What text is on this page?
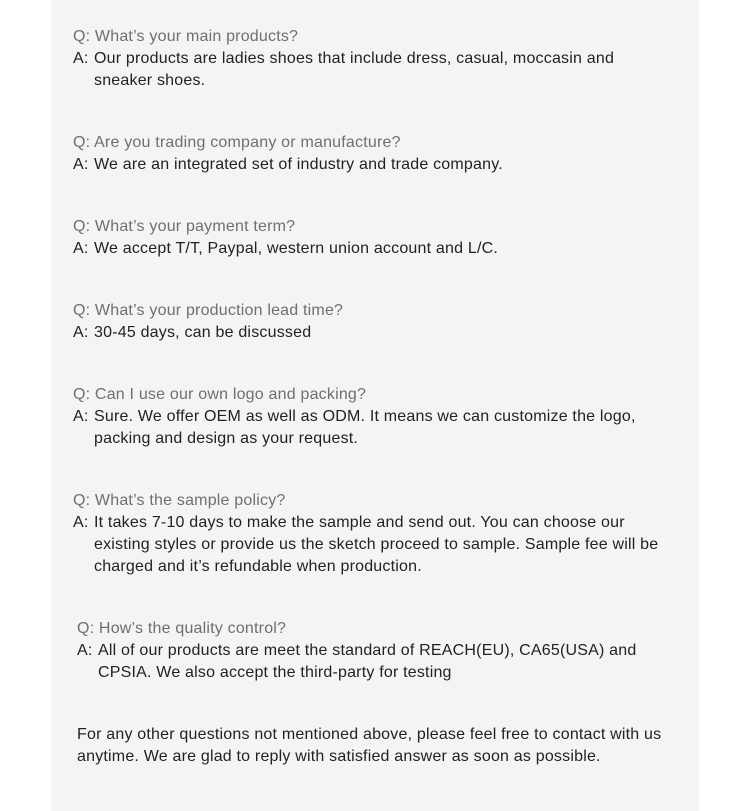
Q: What’s your main products?
A: Our products are ladies shoes that include dress, casual, moccasin and sneaker shoes.
Q: Are you trading company or manufacture?
A: We are an integrated set of industry and trade company.
Q: What’s your payment term?
A: We accept T/T, Paypal, western union account and L/C.
Q: What’s your production lead time?
A: 30-45 days, can be discussed
Q: Can I use our own logo and packing?
A: Sure. We offer OEM as well as ODM. It means we can customize the logo, packing and design as your request.
Q: What’s the sample policy?
A: It takes 7-10 days to make the sample and send out. You can choose our existing styles or provide us the sketch proceed to sample. Sample fee will be charged and it’s refundable when production.
Q: How’s the quality control?
A: All of our products are meet the standard of REACH(EU), CA65(USA) and CPSIA. We also accept the third-party for testing
For any other questions not mentioned above, please feel free to contact with us anytime. We are glad to reply with satisfied answer as soon as possible.
